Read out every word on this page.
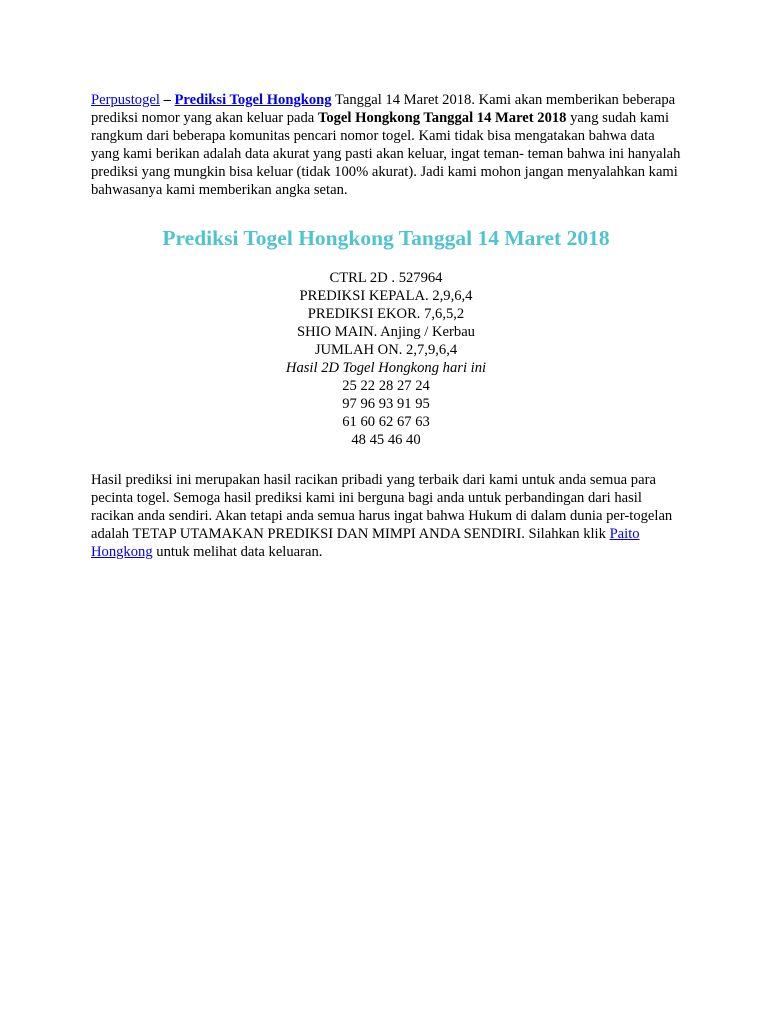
Perpustogel – Prediksi Togel Hongkong Tanggal 14 Maret 2018. Kami akan memberikan beberapa prediksi nomor yang akan keluar pada Togel Hongkong Tanggal 14 Maret 2018 yang sudah kami rangkum dari beberapa komunitas pencari nomor togel. Kami tidak bisa mengatakan bahwa data yang kami berikan adalah data akurat yang pasti akan keluar, ingat teman- teman bahwa ini hanyalah prediksi yang mungkin bisa keluar (tidak 100% akurat). Jadi kami mohon jangan menyalahkan kami bahwasanya kami memberikan angka setan.

Prediksi Togel Hongkong Tanggal 14 Maret 2018
CTRL 2D . 527964
PREDIKSI KEPALA. 2,9,6,4
PREDIKSI EKOR. 7,6,5,2
SHIO MAIN. Anjing / Kerbau
JUMLAH ON. 2,7,9,6,4
Hasil 2D Togel Hongkong hari ini
25 22 28 27 24
97 96 93 91 95
61 60 62 67 63
48 45 46 40

Hasil prediksi ini merupakan hasil racikan pribadi yang terbaik dari kami untuk anda semua para pecinta togel. Semoga hasil prediksi kami ini berguna bagi anda untuk perbandingan dari hasil racikan anda sendiri. Akan tetapi anda semua harus ingat bahwa Hukum di dalam dunia per-togelan adalah TETAP UTAMAKAN PREDIKSI DAN MIMPI ANDA SENDIRI. Silahkan klik Paito Hongkong untuk melihat data keluaran.
